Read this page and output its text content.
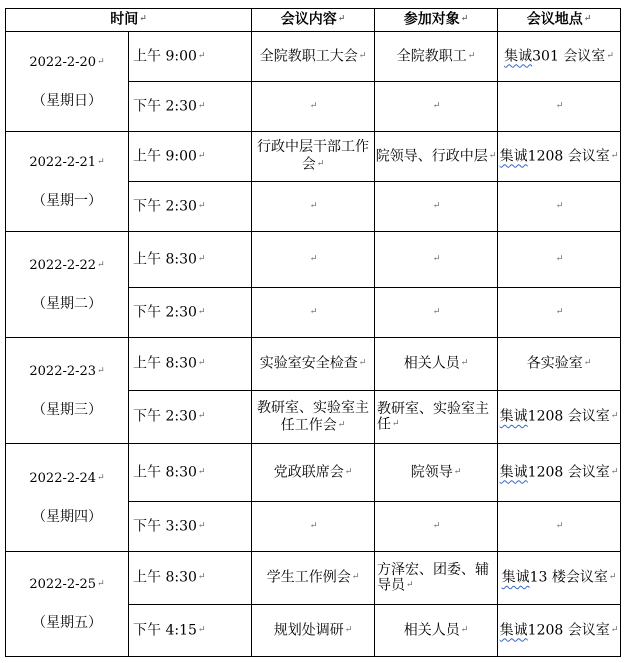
时间↵		会议内容↵	参加对象↵	会议地点↵

2022-2-20↵
（星期日）	上午 9:00↵	全院教职工大会↵	全院教职工↵	集诚301 会议室↵
	下午 2:30↵	↵	↵	↵

2022-2-21↵
（星期一）	上午 9:00↵	行政中层干部工作会↵	院领导、行政中层↵	集诚1208 会议室↵
	下午 2:30↵	↵	↵	↵

2022-2-22↵
（星期二）	上午 8:30↵	↵	↵	↵
	下午 2:30↵	↵	↵	↵

2022-2-23↵
（星期三）	上午 8:30↵	实验室安全检查↵	相关人员↵	各实验室↵
	下午 2:30↵	教研室、实验室主任工作会↵	教研室、实验室主任↵	集诚1208 会议室↵

2022-2-24↵
（星期四）	上午 8:30↵	党政联席会↵	院领导↵	集诚1208 会议室↵
	下午 3:30↵	↵	↵	↵

2022-2-25↵
（星期五）	上午 8:30↵	学生工作例会↵	方泽宏、团委、辅导员↵	集诚13 楼会议室↵
	下午 4:15↵	规划处调研↵	相关人员↵	集诚1208 会议室↵
